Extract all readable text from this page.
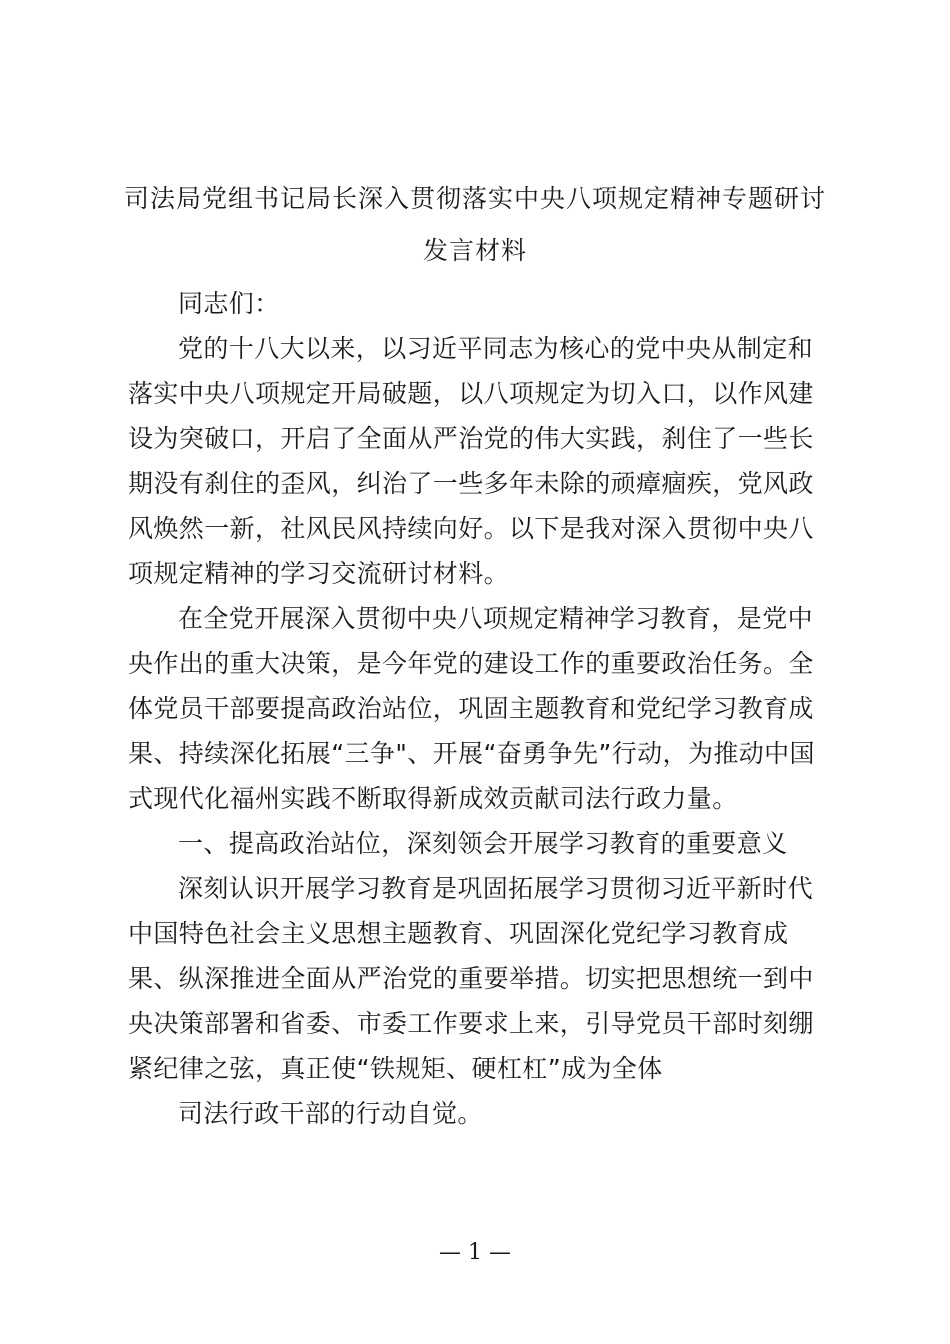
司法局党组书记局长深入贯彻落实中央八项规定精神专题研讨
发言材料
同志们：
党的十八大以来，以习近平同志为核心的党中央从制定和
落实中央八项规定开局破题，以八项规定为切入口，以作风建
设为突破口，开启了全面从严治党的伟大实践，刹住了一些长
期没有刹住的歪风，纠治了一些多年未除的顽瘴痼疾，党风政
风焕然一新，社风民风持续向好。以下是我对深入贯彻中央八
项规定精神的学习交流研讨材料。
在全党开展深入贯彻中央八项规定精神学习教育，是党中
央作出的重大决策，是今年党的建设工作的重要政治任务。全
体党员干部要提高政治站位，巩固主题教育和党纪学习教育成
果、持续深化拓展“三争"、开展“奋勇争先”行动，为推动中国
式现代化福州实践不断取得新成效贡献司法行政力量。
一、提高政治站位，深刻领会开展学习教育的重要意义
深刻认识开展学习教育是巩固拓展学习贯彻习近平新时代
中国特色社会主义思想主题教育、巩固深化党纪学习教育成
果、纵深推进全面从严治党的重要举措。切实把思想统一到中
央决策部署和省委、市委工作要求上来，引导党员干部时刻绷
紧纪律之弦，真正使“铁规矩、硬杠杠”成为全体
司法行政干部的行动自觉。
— 1 —
